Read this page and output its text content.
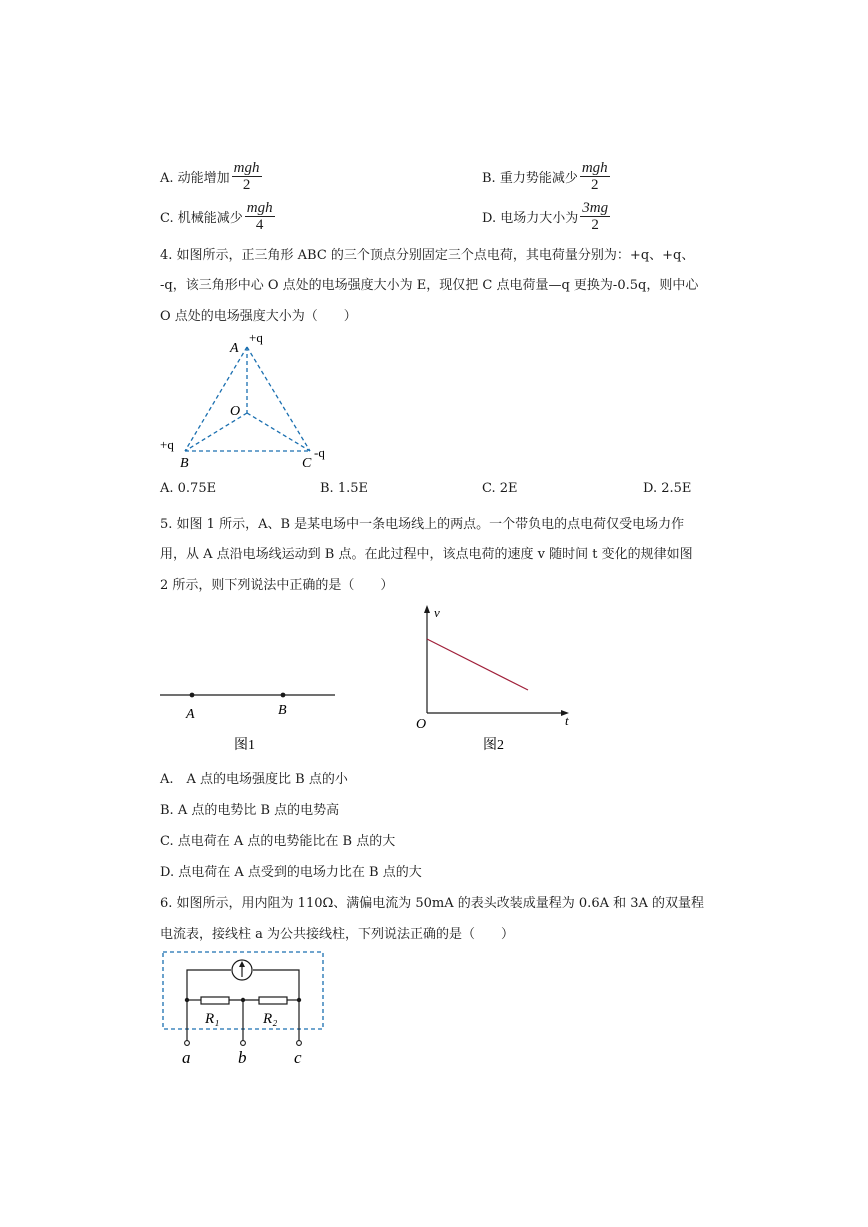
A. 动能增加 $\frac{\text{mgh}}{2}$	B. 重力势能减少 $\frac{\text{mgh}}{2}$
C. 机械能减少 $\frac{\text{mgh}}{4}$	D. 电场力大小为 $\frac{3mg}{2}$
4. 如图所示，正三角形 ABC 的三个顶点分别固定三个点电荷，其电荷量分别为：+q、+q、
-q，该三角形中心 O 点处的电场强度大小为 E，现仅把 C 点电荷量—q 更换为-0.5q，则中心
O 点处的电场强度大小为（　　）
A
+q
O
+q
B	C
-q
A. 0.75E	B. 1.5E	C. 2E	D. 2.5E
5. 如图 1 所示，A、B 是某电场中一条电场线上的两点。一个带负电的点电荷仅受电场力作
用，从 A 点沿电场线运动到 B 点。在此过程中，该点电荷的速度 v 随时间 t 变化的规律如图
2 所示，则下列说法中正确的是（　　）
A	B
图1
v
t
O
图2
A.　A 点的电场强度比 B 点的小
B. A 点的电势比 B 点的电势高
C. 点电荷在 A 点的电势能比在 B 点的大
D. 点电荷在 A 点受到的电场力比在 B 点的大
6. 如图所示，用内阻为 110Ω、满偏电流为 50mA 的表头改装成量程为 0.6A 和 3A 的双量程
电流表，接线柱 a 为公共接线柱，下列说法正确的是（　　）
R₁	R₂
a	b	c
